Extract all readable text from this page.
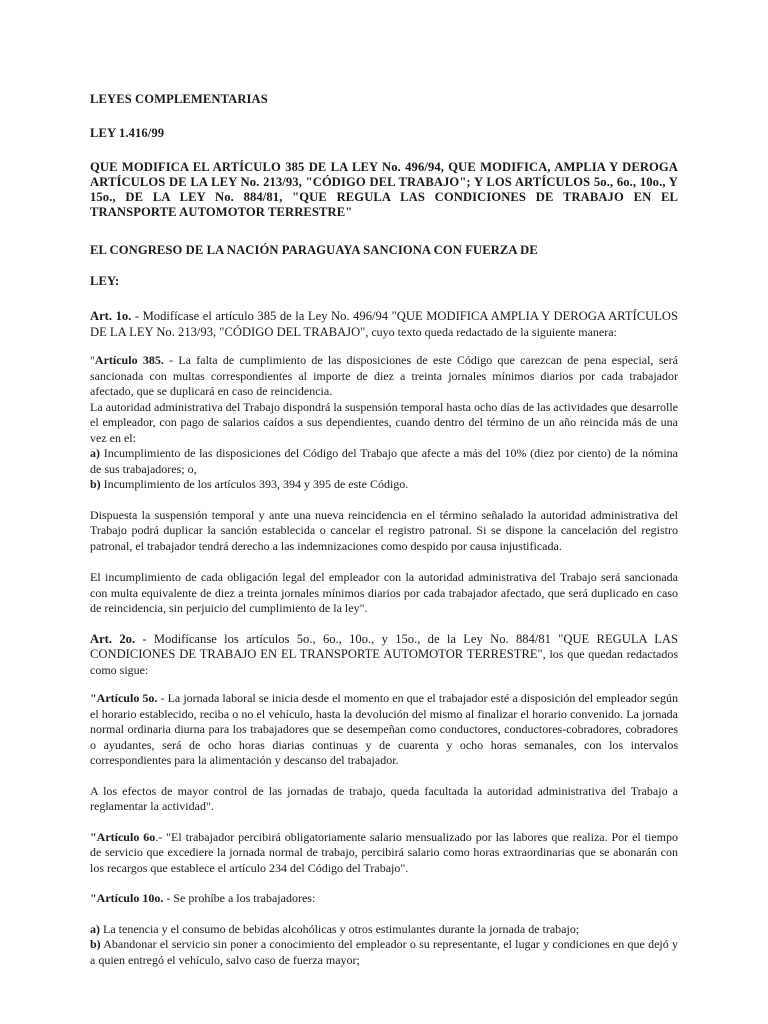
LEYES COMPLEMENTARIAS

LEY 1.416/99

QUE MODIFICA EL ARTÍCULO 385 DE LA LEY No. 496/94, QUE MODIFICA, AMPLIA Y DEROGA ARTÍCULOS DE LA LEY No. 213/93, "CÓDIGO DEL TRABAJO"; Y LOS ARTÍCULOS 5o., 6o., 10o., Y 15o., DE LA LEY No. 884/81, "QUE REGULA LAS CONDICIONES DE TRABAJO EN EL TRANSPORTE AUTOMOTOR TERRESTRE"

EL CONGRESO DE LA NACIÓN PARAGUAYA SANCIONA CON FUERZA DE

LEY:

Art. 1o. - Modifícase el artículo 385 de la Ley No. 496/94 "QUE MODIFICA AMPLIA Y DEROGA ARTÍCULOS DE LA LEY No. 213/93, "CÓDIGO DEL TRABAJO", cuyo texto queda redactado de la siguiente manera:

"Artículo 385. - La falta de cumplimiento de las disposiciones de este Código que carezcan de pena especial, será sancionada con multas correspondientes al importe de diez a treinta jornales mínimos diarios por cada trabajador afectado, que se duplicará en caso de reincidencia.

La autoridad administrativa del Trabajo dispondrá la suspensión temporal hasta ocho días de las actividades que desarrolle el empleador, con pago de salarios caídos a sus dependientes, cuando dentro del término de un año reincida más de una vez en el:

a) Incumplimiento de las disposiciones del Código del Trabajo que afecte a más del 10% (diez por ciento) de la nómina de sus trabajadores; o,

b) Incumplimiento de los artículos 393, 394 y 395 de este Código.

Dispuesta la suspensión temporal y ante una nueva reincidencia en el término señalado la autoridad administrativa del Trabajo podrá duplicar la sanción establecida o cancelar el registro patronal. Si se dispone la cancelación del registro patronal, el trabajador tendrá derecho a las indemnizaciones como despido por causa injustificada.

El incumplimiento de cada obligación legal del empleador con la autoridad administrativa del Trabajo será sancionada con multa equivalente de diez a treinta jornales mínimos diarios por cada trabajador afectado, que será duplicado en caso de reincidencia, sin perjuicio del cumplimiento de la ley".

Art. 2o. - Modifícanse los artículos 5o., 6o., 10o., y 15o., de la Ley No. 884/81 "QUE REGULA LAS CONDICIONES DE TRABAJO EN EL TRANSPORTE AUTOMOTOR TERRESTRE", los que quedan redactados como sigue:

"Artículo 5o. - La jornada laboral se inicia desde el momento en que el trabajador esté a disposición del empleador según el horario establecido, reciba o no el vehículo, hasta la devolución del mismo al finalizar el horario convenido. La jornada normal ordinaria diurna para los trabajadores que se desempeñan como conductores, conductores-cobradores, cobradores o ayudantes, será de ocho horas diarias continuas y de cuarenta y ocho horas semanales, con los intervalos correspondientes para la alimentación y descanso del trabajador.

A los efectos de mayor control de las jornadas de trabajo, queda facultada la autoridad administrativa del Trabajo a reglamentar la actividad".

"Artículo 6o.- "El trabajador percibirá obligatoriamente salario mensualizado por las labores que realiza. Por el tiempo de servicio que excediere la jornada normal de trabajo, percibirá salario como horas extraordinarias que se abonarán con los recargos que establece el artículo 234 del Código del Trabajo".

"Artículo 10o. - Se prohíbe a los trabajadores:

a) La tenencia y el consumo de bebidas alcohólicas y otros estimulantes durante la jornada de trabajo;

b) Abandonar el servicio sin poner a conocimiento del empleador o su representante, el lugar y condiciones en que dejó y a quien entregó el vehículo, salvo caso de fuerza mayor;
